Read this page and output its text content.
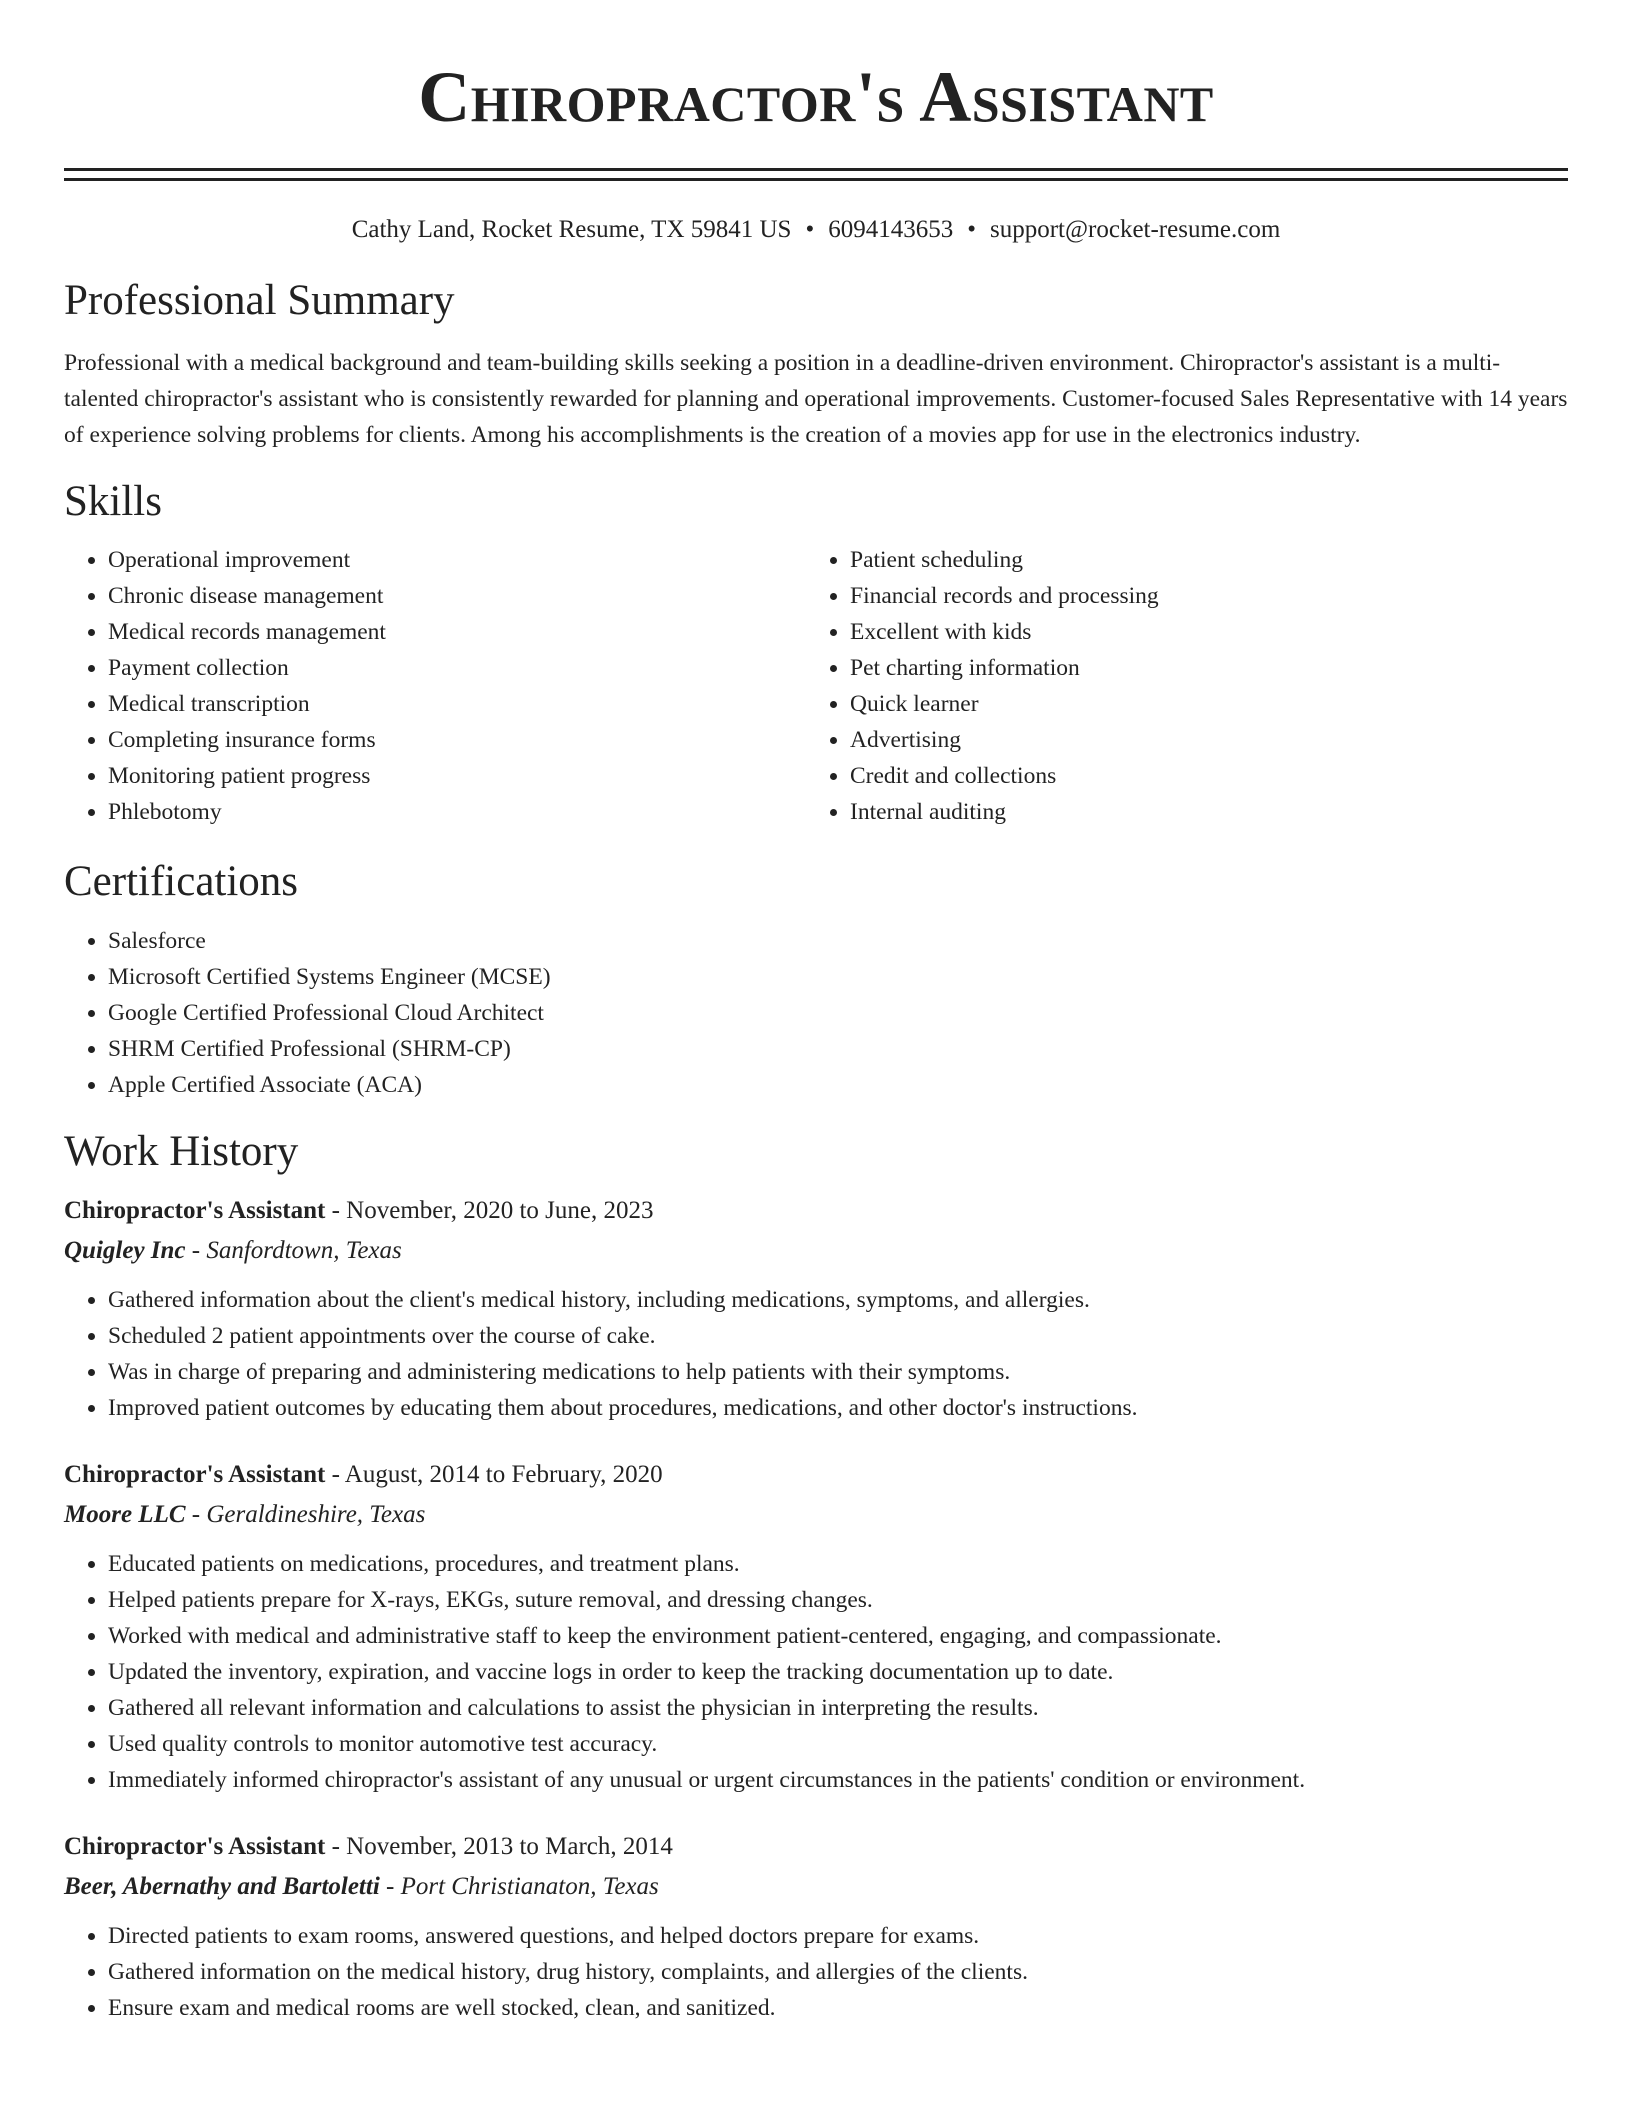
Chiropractor's Assistant
Cathy Land, Rocket Resume, TX 59841 US • 6094143653 • support@rocket-resume.com
Professional Summary

Professional with a medical background and team-building skills seeking a position in a deadline-driven environment. Chiropractor's assistant is a multi-talented chiropractor's assistant who is consistently rewarded for planning and operational improvements. Customer-focused Sales Representative with 14 years of experience solving problems for clients. Among his accomplishments is the creation of a movies app for use in the electronics industry.

Skills
• Operational improvement
• Chronic disease management
• Medical records management
• Payment collection
• Medical transcription
• Completing insurance forms
• Monitoring patient progress
• Phlebotomy
• Patient scheduling
• Financial records and processing
• Excellent with kids
• Pet charting information
• Quick learner
• Advertising
• Credit and collections
• Internal auditing
Certifications
• Salesforce
• Microsoft Certified Systems Engineer (MCSE)
• Google Certified Professional Cloud Architect
• SHRM Certified Professional (SHRM-CP)
• Apple Certified Associate (ACA)
Work History
Chiropractor's Assistant - November, 2020 to June, 2023
Quigley Inc - Sanfordtown, Texas
• Gathered information about the client's medical history, including medications, symptoms, and allergies.
• Scheduled 2 patient appointments over the course of cake.
• Was in charge of preparing and administering medications to help patients with their symptoms.
• Improved patient outcomes by educating them about procedures, medications, and other doctor's instructions.
Chiropractor's Assistant - August, 2014 to February, 2020
Moore LLC - Geraldineshire, Texas
• Educated patients on medications, procedures, and treatment plans.
• Helped patients prepare for X-rays, EKGs, suture removal, and dressing changes.
• Worked with medical and administrative staff to keep the environment patient-centered, engaging, and compassionate.
• Updated the inventory, expiration, and vaccine logs in order to keep the tracking documentation up to date.
• Gathered all relevant information and calculations to assist the physician in interpreting the results.
• Used quality controls to monitor automotive test accuracy.
• Immediately informed chiropractor's assistant of any unusual or urgent circumstances in the patients' condition or environment.
Chiropractor's Assistant - November, 2013 to March, 2014
Beer, Abernathy and Bartoletti - Port Christianaton, Texas
• Directed patients to exam rooms, answered questions, and helped doctors prepare for exams.
• Gathered information on the medical history, drug history, complaints, and allergies of the clients.
• Ensure exam and medical rooms are well stocked, clean, and sanitized.
